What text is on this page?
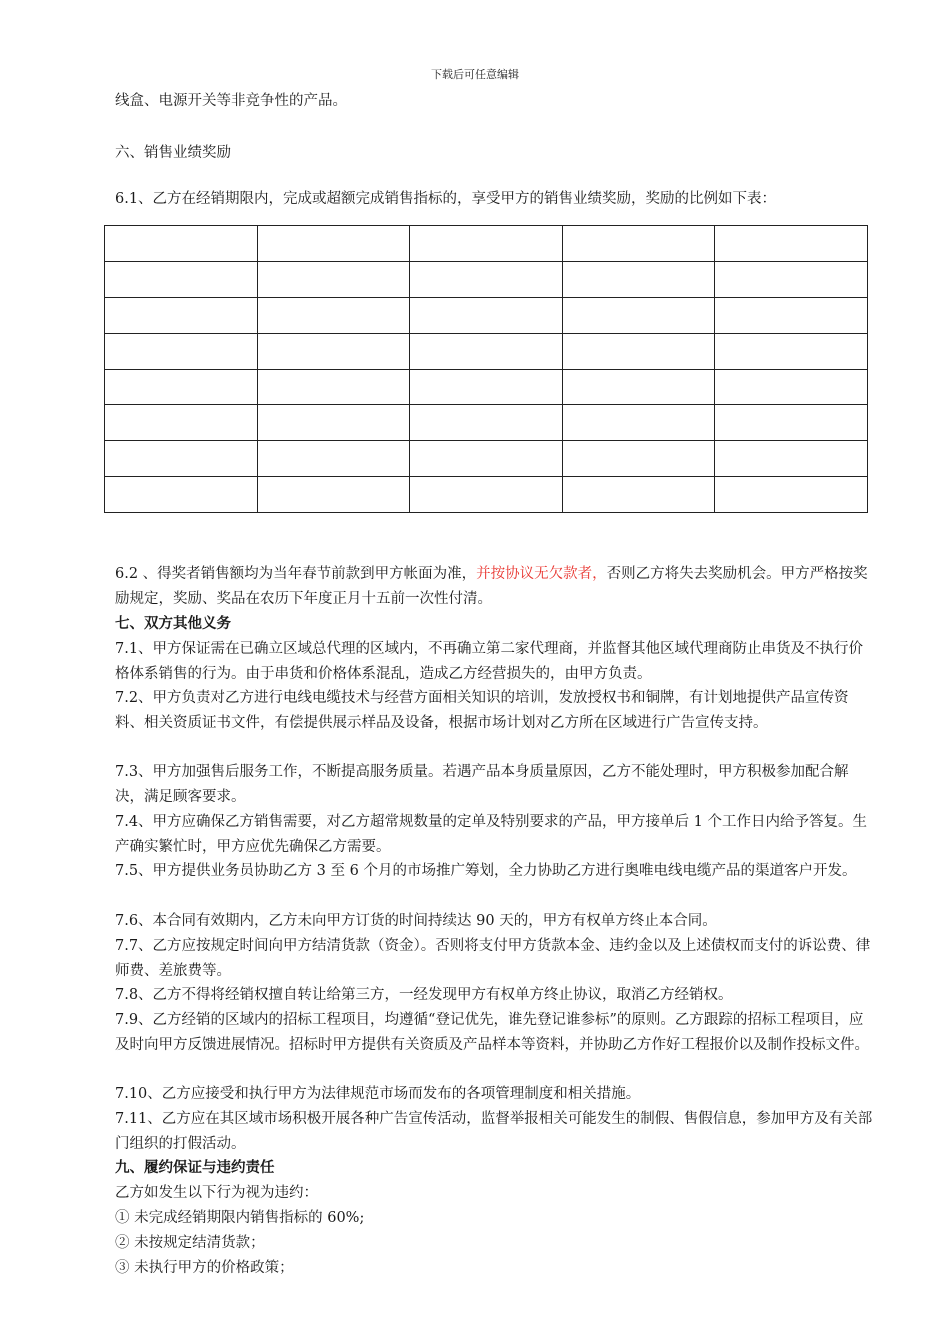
下载后可任意编辑

线盒、电源开关等非竞争性的产品。

六、销售业绩奖励

6.1、乙方在经销期限内，完成或超额完成销售指标的，享受甲方的销售业绩奖励，奖励的比例如下表：

6.2 、得奖者销售额均为当年春节前款到甲方帐面为准，并按协议无欠款者，否则乙方将失去奖励机会。甲方严格按奖励规定，奖励、奖品在农历下年度正月十五前一次性付清。

七、双方其他义务

7.1、甲方保证需在已确立区域总代理的区域内，不再确立第二家代理商，并监督其他区域代理商防止串货及不执行价格体系销售的行为。由于串货和价格体系混乱，造成乙方经营损失的，由甲方负责。

7.2、甲方负责对乙方进行电线电缆技术与经营方面相关知识的培训，发放授权书和铜牌，有计划地提供产品宣传资料、相关资质证书文件，有偿提供展示样品及设备，根据市场计划对乙方所在区域进行广告宣传支持。

7.3、甲方加强售后服务工作，不断提高服务质量。若遇产品本身质量原因，乙方不能处理时，甲方积极参加配合解决，满足顾客要求。

7.4、甲方应确保乙方销售需要，对乙方超常规数量的定单及特别要求的产品，甲方接单后 1 个工作日内给予答复。生产确实繁忙时，甲方应优先确保乙方需要。

7.5、甲方提供业务员协助乙方 3 至 6 个月的市场推广筹划，全力协助乙方进行奥唯电线电缆产品的渠道客户开发。

7.6、本合同有效期内，乙方未向甲方订货的时间持续达 90 天的，甲方有权单方终止本合同。

7.7、乙方应按规定时间向甲方结清货款（资金）。否则将支付甲方货款本金、违约金以及上述债权而支付的诉讼费、律师费、差旅费等。

7.8、乙方不得将经销权擅自转让给第三方，一经发现甲方有权单方终止协议，取消乙方经销权。

7.9、乙方经销的区域内的招标工程项目，均遵循“登记优先，谁先登记谁参标”的原则。乙方跟踪的招标工程项目，应及时向甲方反馈进展情况。招标时甲方提供有关资质及产品样本等资料，并协助乙方作好工程报价以及制作投标文件。

7.10、乙方应接受和执行甲方为法律规范市场而发布的各项管理制度和相关措施。

7.11、乙方应在其区域市场积极开展各种广告宣传活动，监督举报相关可能发生的制假、售假信息，参加甲方及有关部门组织的打假活动。

九、履约保证与违约责任

乙方如发生以下行为视为违约：

① 未完成经销期限内销售指标的 60%;

② 未按规定结清货款；

③ 未执行甲方的价格政策；
